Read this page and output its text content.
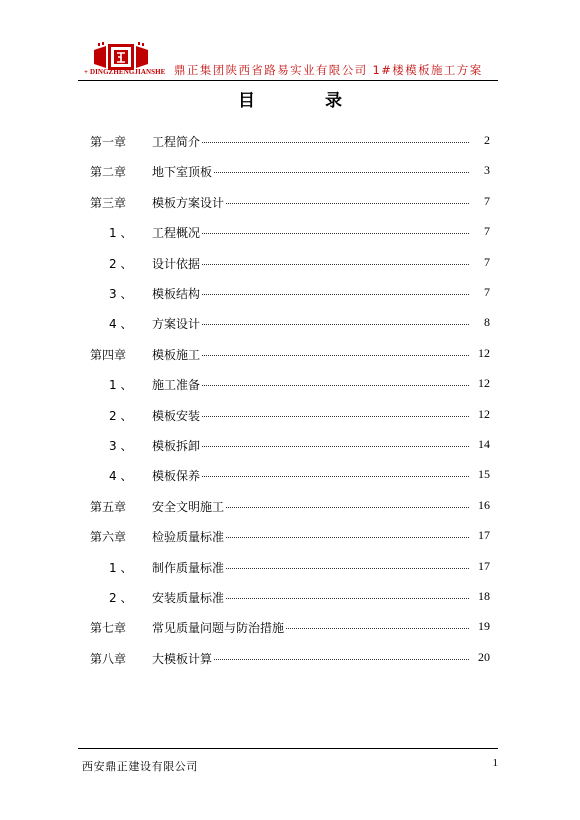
+ DINGZHENGJIANSHE 鼎正集团陕西省路易实业有限公司 1#楼模板施工方案
目 录
第一章 工程简介	2
第二章 地下室顶板	3
第三章 模板方案设计	7
1 、 工程概况	7
2 、 设计依据	7
3 、 模板结构	7
4 、 方案设计	8
第四章 模板施工	12
1 、 施工准备	12
2 、 模板安装	12
3 、 模板拆卸	14
4 、 模板保养	15
第五章 安全文明施工	16
第六章 检验质量标准	17
1 、 制作质量标准	17
2 、 安装质量标准	18
第七章 常见质量问题与防治措施	19
第八章 大模板计算	20
西安鼎正建设有限公司	1
